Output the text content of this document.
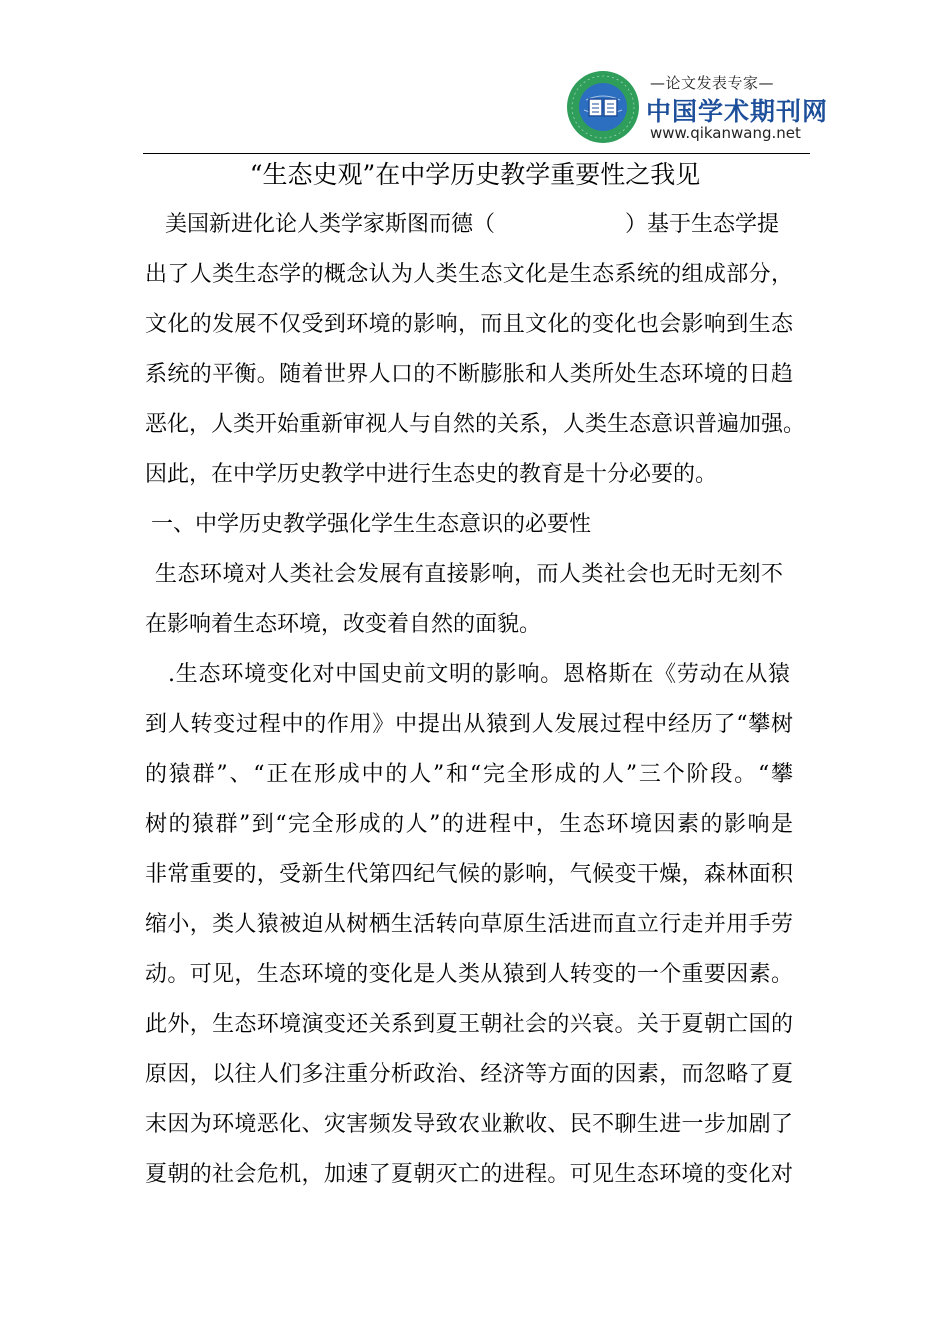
—论文发表专家—
中国学术期刊网
www.qikanwang.net
“生态史观”在中学历史教学重要性之我见
美国新进化论人类学家斯图而德（	）基于生态学提
出了人类生态学的概念认为人类生态文化是生态系统的组成部分，
文化的发展不仅受到环境的影响，而且文化的变化也会影响到生态
系统的平衡。随着世界人口的不断膨胀和人类所处生态环境的日趋
恶化，人类开始重新审视人与自然的关系，人类生态意识普遍加强。
因此，在中学历史教学中进行生态史的教育是十分必要的。
一、中学历史教学强化学生生态意识的必要性
生态环境对人类社会发展有直接影响，而人类社会也无时无刻不
在影响着生态环境，改变着自然的面貌。
.生态环境变化对中国史前文明的影响。恩格斯在《劳动在从猿
到人转变过程中的作用》中提出从猿到人发展过程中经历了“攀树
的猿群”、“正在形成中的人”和“完全形成的人”三个阶段。“攀
树的猿群”到“完全形成的人”的进程中，生态环境因素的影响是
非常重要的，受新生代第四纪气候的影响，气候变干燥，森林面积
缩小，类人猿被迫从树栖生活转向草原生活进而直立行走并用手劳
动。可见，生态环境的变化是人类从猿到人转变的一个重要因素。
此外，生态环境演变还关系到夏王朝社会的兴衰。关于夏朝亡国的
原因，以往人们多注重分析政治、经济等方面的因素，而忽略了夏
末因为环境恶化、灾害频发导致农业歉收、民不聊生进一步加剧了
夏朝的社会危机，加速了夏朝灭亡的进程。可见生态环境的变化对
